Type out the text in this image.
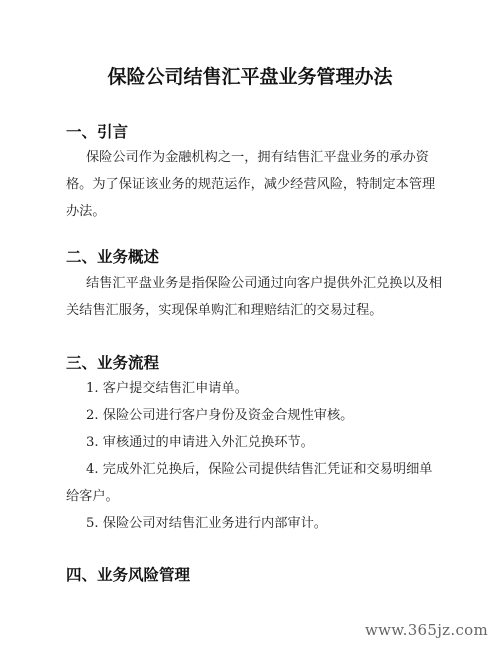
保险公司结售汇平盘业务管理办法
一、引言
保险公司作为金融机构之一，拥有结售汇平盘业务的承办资格。为了保证该业务的规范运作，减少经营风险，特制定本管理办法。
二、业务概述
结售汇平盘业务是指保险公司通过向客户提供外汇兑换以及相关结售汇服务，实现保单购汇和理赔结汇的交易过程。
三、业务流程
1. 客户提交结售汇申请单。
2. 保险公司进行客户身份及资金合规性审核。
3. 审核通过的申请进入外汇兑换环节。
4. 完成外汇兑换后，保险公司提供结售汇凭证和交易明细单给客户。
5. 保险公司对结售汇业务进行内部审计。
四、业务风险管理
www.365jz.com
